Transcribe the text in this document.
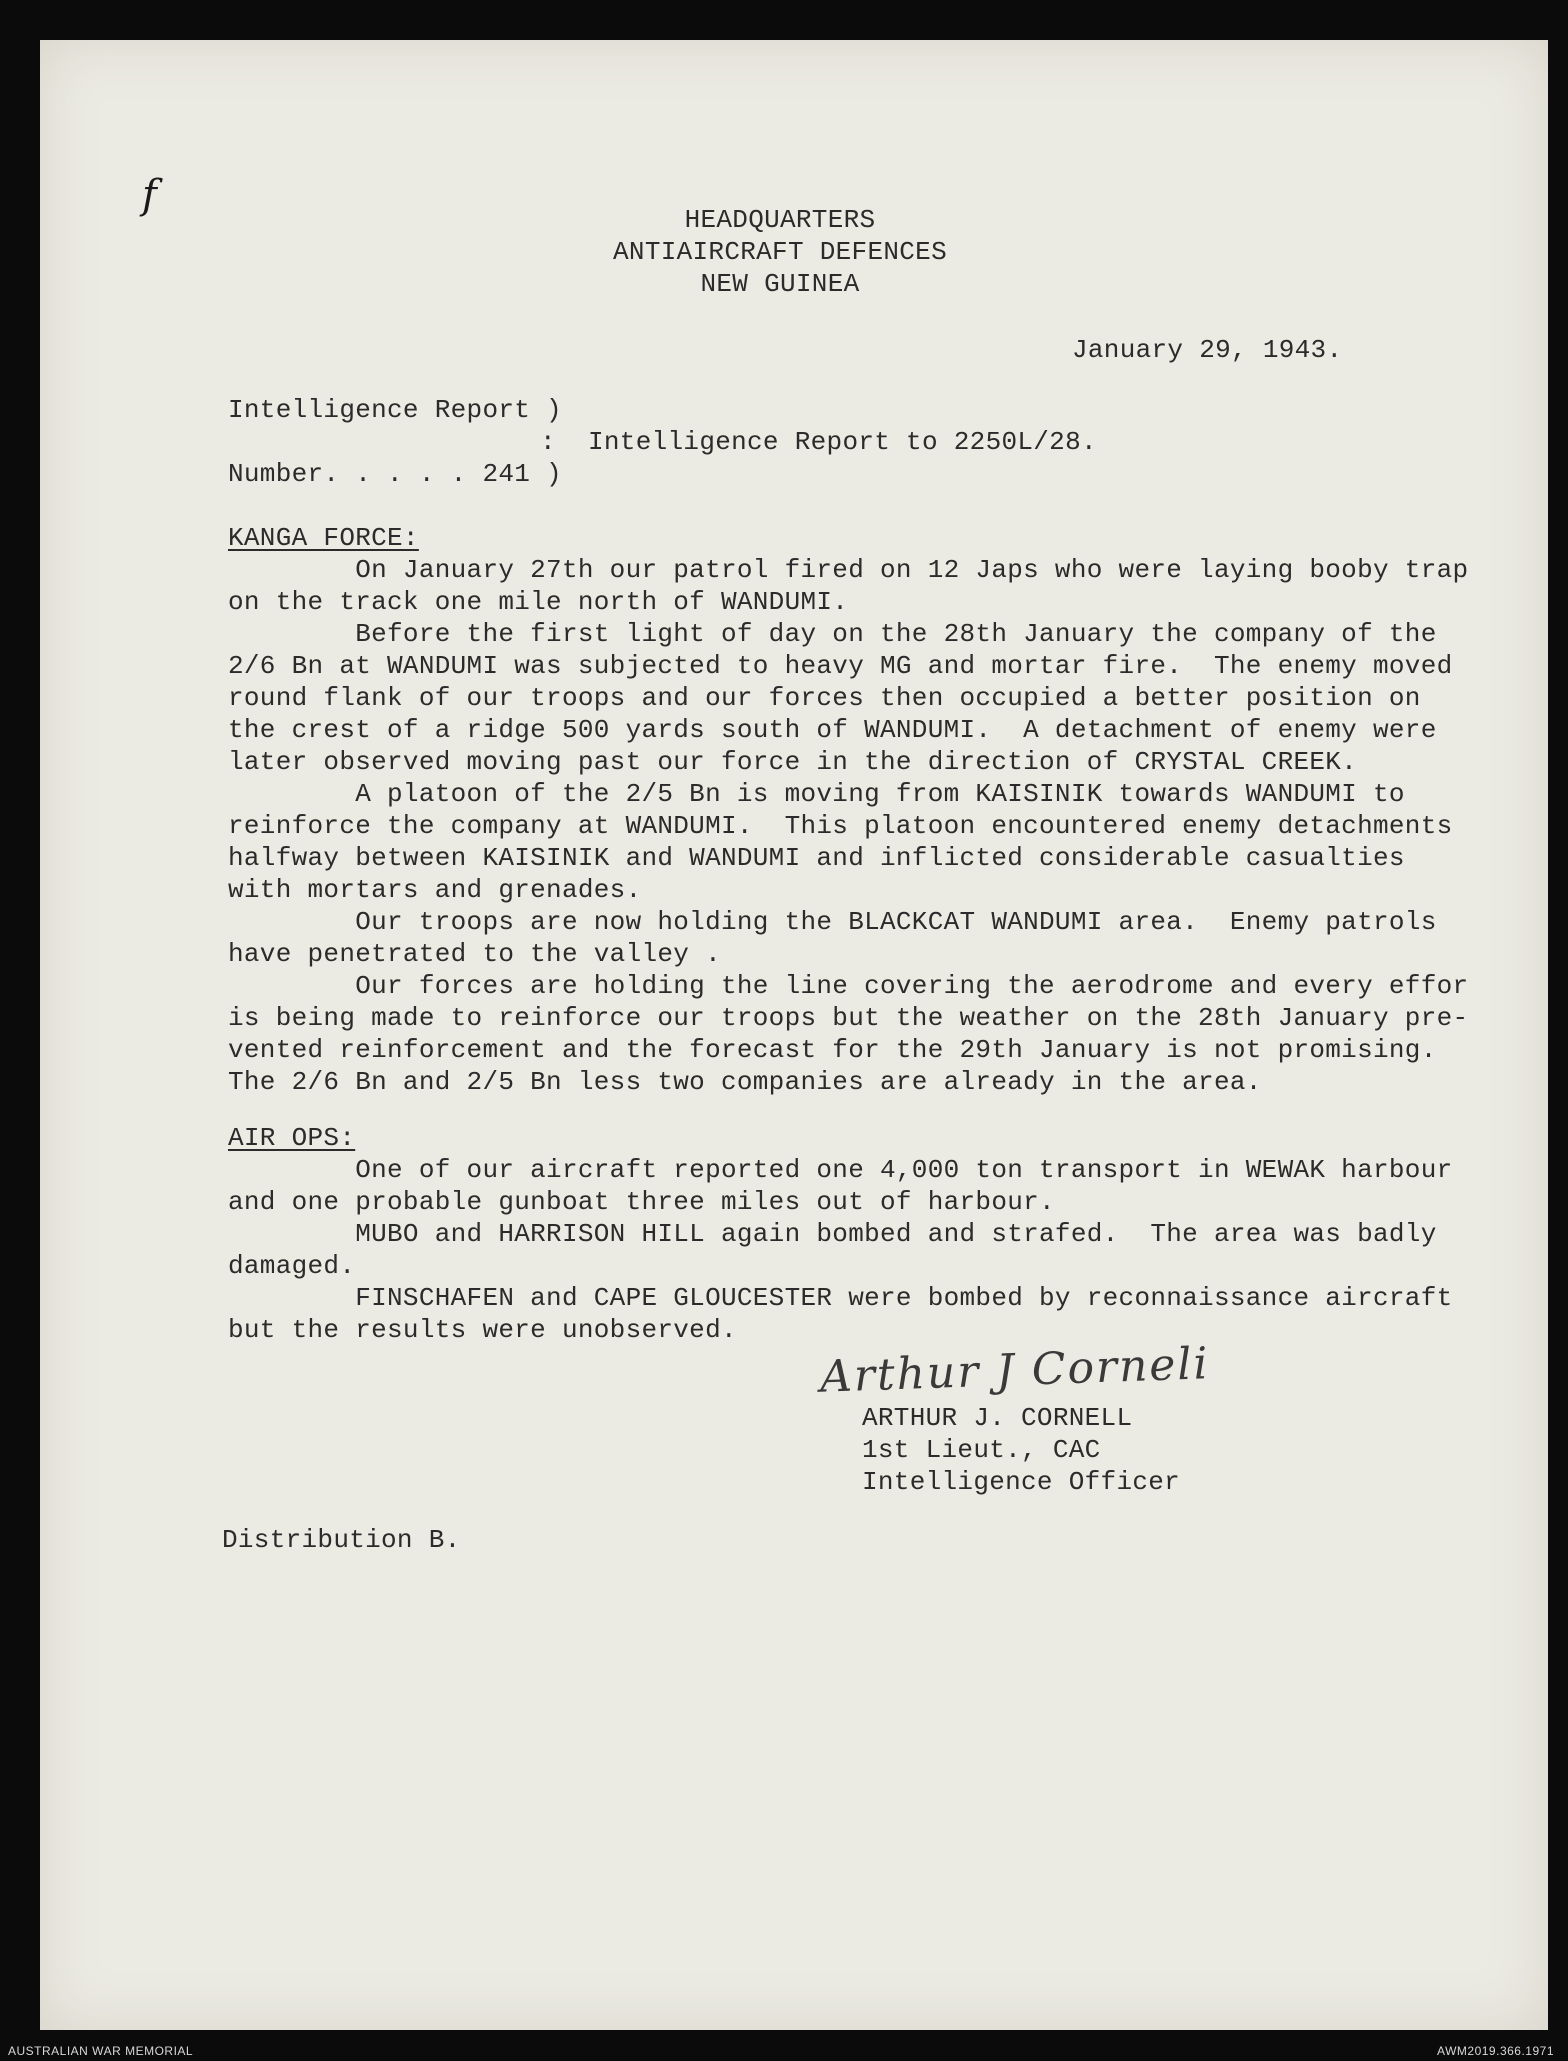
f
HEADQUARTERS
ANTIAIRCRAFT DEFENCES
NEW GUINEA
January 29, 1943.
Intelligence Report )
: Intelligence Report to 2250L/28.
Number. . . . . 241 )
KANGA FORCE:
On January 27th our patrol fired on 12 Japs who were laying booby trap
on the track one mile north of WANDUMI.
Before the first light of day on the 28th January the company of the
2/6 Bn at WANDUMI was subjected to heavy MG and mortar fire.  The enemy moved
round flank of our troops and our forces then occupied a better position on
the crest of a ridge 500 yards south of WANDUMI.  A detachment of enemy were
later observed moving past our force in the direction of CRYSTAL CREEK.
A platoon of the 2/5 Bn is moving from KAISINIK towards WANDUMI to
reinforce the company at WANDUMI.  This platoon encountered enemy detachments
halfway between KAISINIK and WANDUMI and inflicted considerable casualties
with mortars and grenades.
Our troops are now holding the BLACKCAT WANDUMI area.  Enemy patrols
have penetrated to the valley .
Our forces are holding the line covering the aerodrome and every effor
is being made to reinforce our troops but the weather on the 28th January pre-
vented reinforcement and the forecast for the 29th January is not promising.
The 2/6 Bn and 2/5 Bn less two companies are already in the area.
AIR OPS:
One of our aircraft reported one 4,000 ton transport in WEWAK harbour
and one probable gunboat three miles out of harbour.
MUBO and HARRISON HILL again bombed and strafed.  The area was badly
damaged.
FINSCHAFEN and CAPE GLOUCESTER were bombed by reconnaissance aircraft
but the results were unobserved.
Arthur J Corneli
ARTHUR J. CORNELL
1st Lieut., CAC
Intelligence Officer
Distribution B.
AUSTRALIAN WAR MEMORIAL	AWM2019.366.1971
